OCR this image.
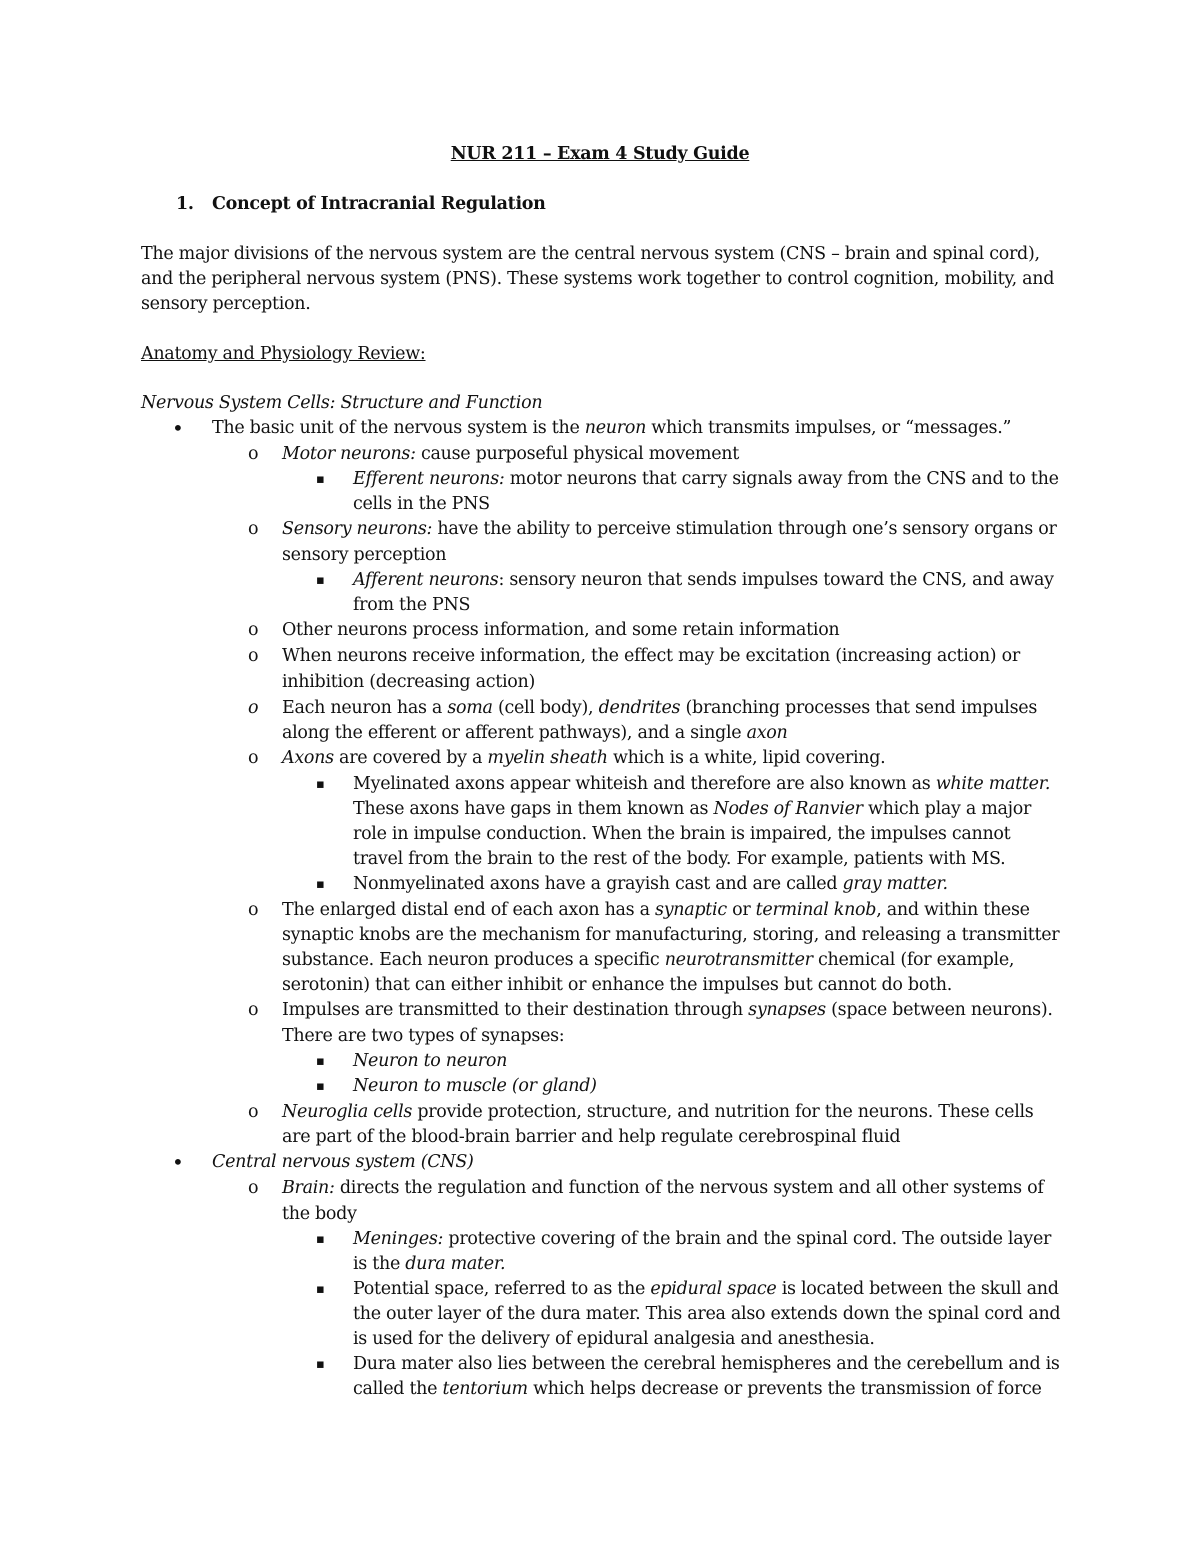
NUR 211 – Exam 4 Study Guide
1. Concept of Intracranial Regulation
The major divisions of the nervous system are the central nervous system (CNS – brain and spinal cord),
and the peripheral nervous system (PNS). These systems work together to control cognition, mobility, and
sensory perception.
Anatomy and Physiology Review:
Nervous System Cells: Structure and Function
• The basic unit of the nervous system is the neuron which transmits impulses, or “messages.”
o Motor neurons: cause purposeful physical movement
▪ Efferent neurons: motor neurons that carry signals away from the CNS and to the
cells in the PNS
o Sensory neurons: have the ability to perceive stimulation through one’s sensory organs or
sensory perception
▪ Afferent neurons: sensory neuron that sends impulses toward the CNS, and away
from the PNS
o Other neurons process information, and some retain information
o When neurons receive information, the effect may be excitation (increasing action) or
inhibition (decreasing action)
o Each neuron has a soma (cell body), dendrites (branching processes that send impulses
along the efferent or afferent pathways), and a single axon
o Axons are covered by a myelin sheath which is a white, lipid covering.
▪ Myelinated axons appear whiteish and therefore are also known as white matter.
These axons have gaps in them known as Nodes of Ranvier which play a major
role in impulse conduction. When the brain is impaired, the impulses cannot
travel from the brain to the rest of the body. For example, patients with MS.
▪ Nonmyelinated axons have a grayish cast and are called gray matter.
o The enlarged distal end of each axon has a synaptic or terminal knob, and within these
synaptic knobs are the mechanism for manufacturing, storing, and releasing a transmitter
substance. Each neuron produces a specific neurotransmitter chemical (for example,
serotonin) that can either inhibit or enhance the impulses but cannot do both.
o Impulses are transmitted to their destination through synapses (space between neurons).
There are two types of synapses:
▪ Neuron to neuron
▪ Neuron to muscle (or gland)
o Neuroglia cells provide protection, structure, and nutrition for the neurons. These cells
are part of the blood-brain barrier and help regulate cerebrospinal fluid
• Central nervous system (CNS)
o Brain: directs the regulation and function of the nervous system and all other systems of
the body
▪ Meninges: protective covering of the brain and the spinal cord. The outside layer
is the dura mater.
▪ Potential space, referred to as the epidural space is located between the skull and
the outer layer of the dura mater. This area also extends down the spinal cord and
is used for the delivery of epidural analgesia and anesthesia.
▪ Dura mater also lies between the cerebral hemispheres and the cerebellum and is
called the tentorium which helps decrease or prevents the transmission of force
